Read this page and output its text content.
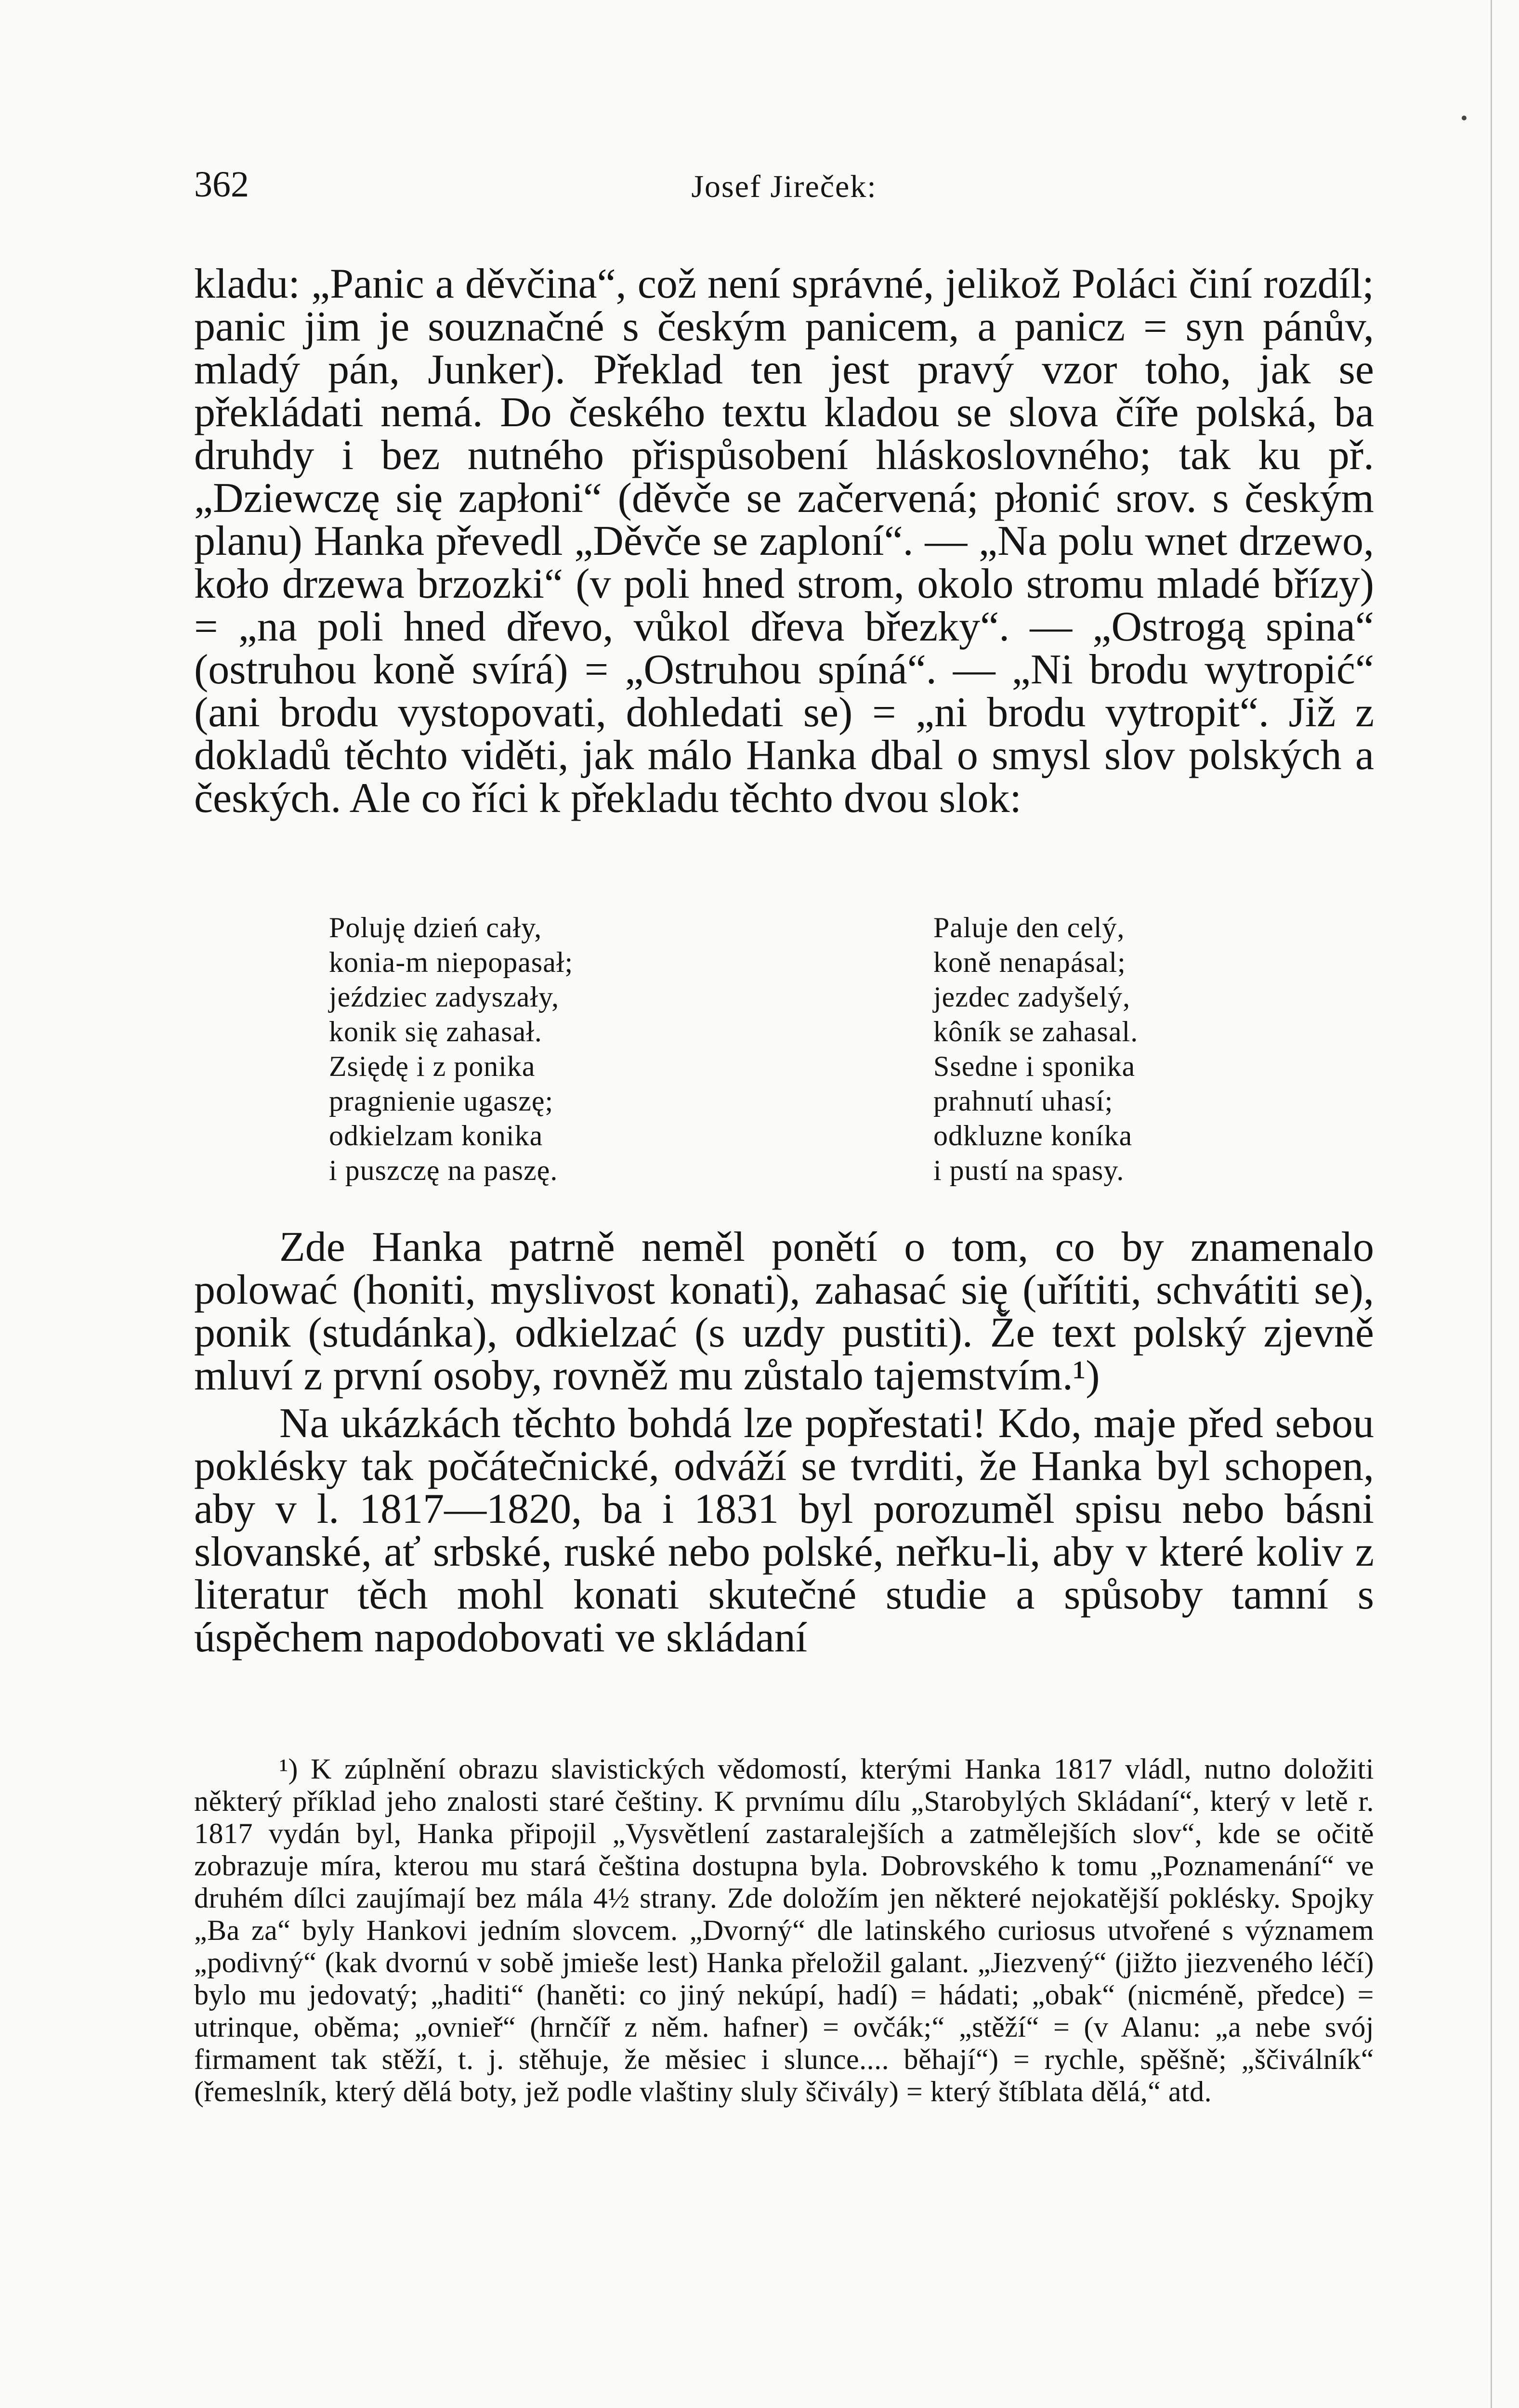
362	Josef Jireček:

kladu: „Panic a děvčina“, což není správné, jelikož Poláci činí rozdíl; panic jim je souznačné s českým panicem, a panicz = syn pánův, mladý pán, Junker). Překlad ten jest pravý vzor toho, jak se překládati nemá. Do českého textu kladou se slova číře polská, ba druhdy i bez nutného přispůsobení hláskoslovného; tak ku př. „Dziewczę się zapłoni“ (děvče se začervená; płonić srov. s českým planu) Hanka převedl „Děvče se zaploní“. — „Na polu wnet drzewo, koło drzewa brzozki“ (v poli hned strom, okolo stromu mladé břízy) = „na poli hned dřevo, vůkol dřeva březky“. — „Ostrogą spina“ (ostruhou koně svírá) = „Ostruhou spíná“. — „Ni brodu wytropić“ (ani brodu vystopovati, dohledati se) = „ni brodu vytropit“. Již z dokladů těchto viděti, jak málo Hanka dbal o smysl slov polských a českých. Ale co říci k překladu těchto dvou slok:

Poluję dzień cały,
konia-m niepopasał;
jeździec zadyszały,
konik się zahasał.
Zsiędę i z ponika
pragnienie ugaszę;
odkielzam konika
i puszczę na paszę.
Paluje den celý,
koně nenapásal;
jezdec zadyšelý,
kôník se zahasal.
Ssedne i sponika
prahnutí uhasí;
odkluzne koníka
i pustí na spasy.

Zde Hanka patrně neměl ponětí o tom, co by znamenalo polować (honiti, myslivost konati), zahasać się (uřítiti, schvátiti se), ponik (studánka), odkielzać (s uzdy pustiti). Že text polský zjevně mluví z první osoby, rovněž mu zůstalo tajemstvím.¹)

Na ukázkách těchto bohdá lze popřestati! Kdo, maje před sebou poklésky tak počátečnické, odváží se tvrditi, že Hanka byl schopen, aby v l. 1817—1820, ba i 1831 byl porozuměl spisu nebo básni slovanské, ať srbské, ruské nebo polské, neřku-li, aby v které koliv z literatur těch mohl konati skutečné studie a spůsoby tamní s úspěchem napodobovati ve skládaní

¹) K zúplnění obrazu slavistických vědomostí, kterými Hanka 1817 vládl, nutno doložiti některý příklad jeho znalosti staré češtiny. K prvnímu dílu „Starobylých Skládaní“, který v letě r. 1817 vydán byl, Hanka připojil „Vysvětlení zastaralejších a zatmělejších slov“, kde se očitě zobrazuje míra, kterou mu stará čeština dostupna byla. Dobrovského k tomu „Poznamenání“ ve druhém dílci zaujímají bez mála 4½ strany. Zde doložím jen některé nejokatější poklésky. Spojky „Ba za“ byly Hankovi jedním slovcem. „Dvorný“ dle latinského curiosus utvořené s významem „podivný“ (kak dvornú v sobě jmieše lest) Hanka přeložil galant. „Jiezvený“ (jižto jiezveného léčí) bylo mu jedovatý; „haditi“ (haněti: co jiný nekúpí, hadí) = hádati; „obak“ (nicméně, předce) = utrinque, oběma; „ovnieř“ (hrnčíř z něm. hafner) = ovčák;“ „stěží“ = (v Alanu: „a nebe svój firmament tak stěží, t. j. stěhuje, že měsiec i slunce.... běhají“) = rychle, spěšně; „ščiválník“ (řemeslník, který dělá boty, jež podle vlaštiny sluly ščivály) = který štíblata dělá,“ atd.
